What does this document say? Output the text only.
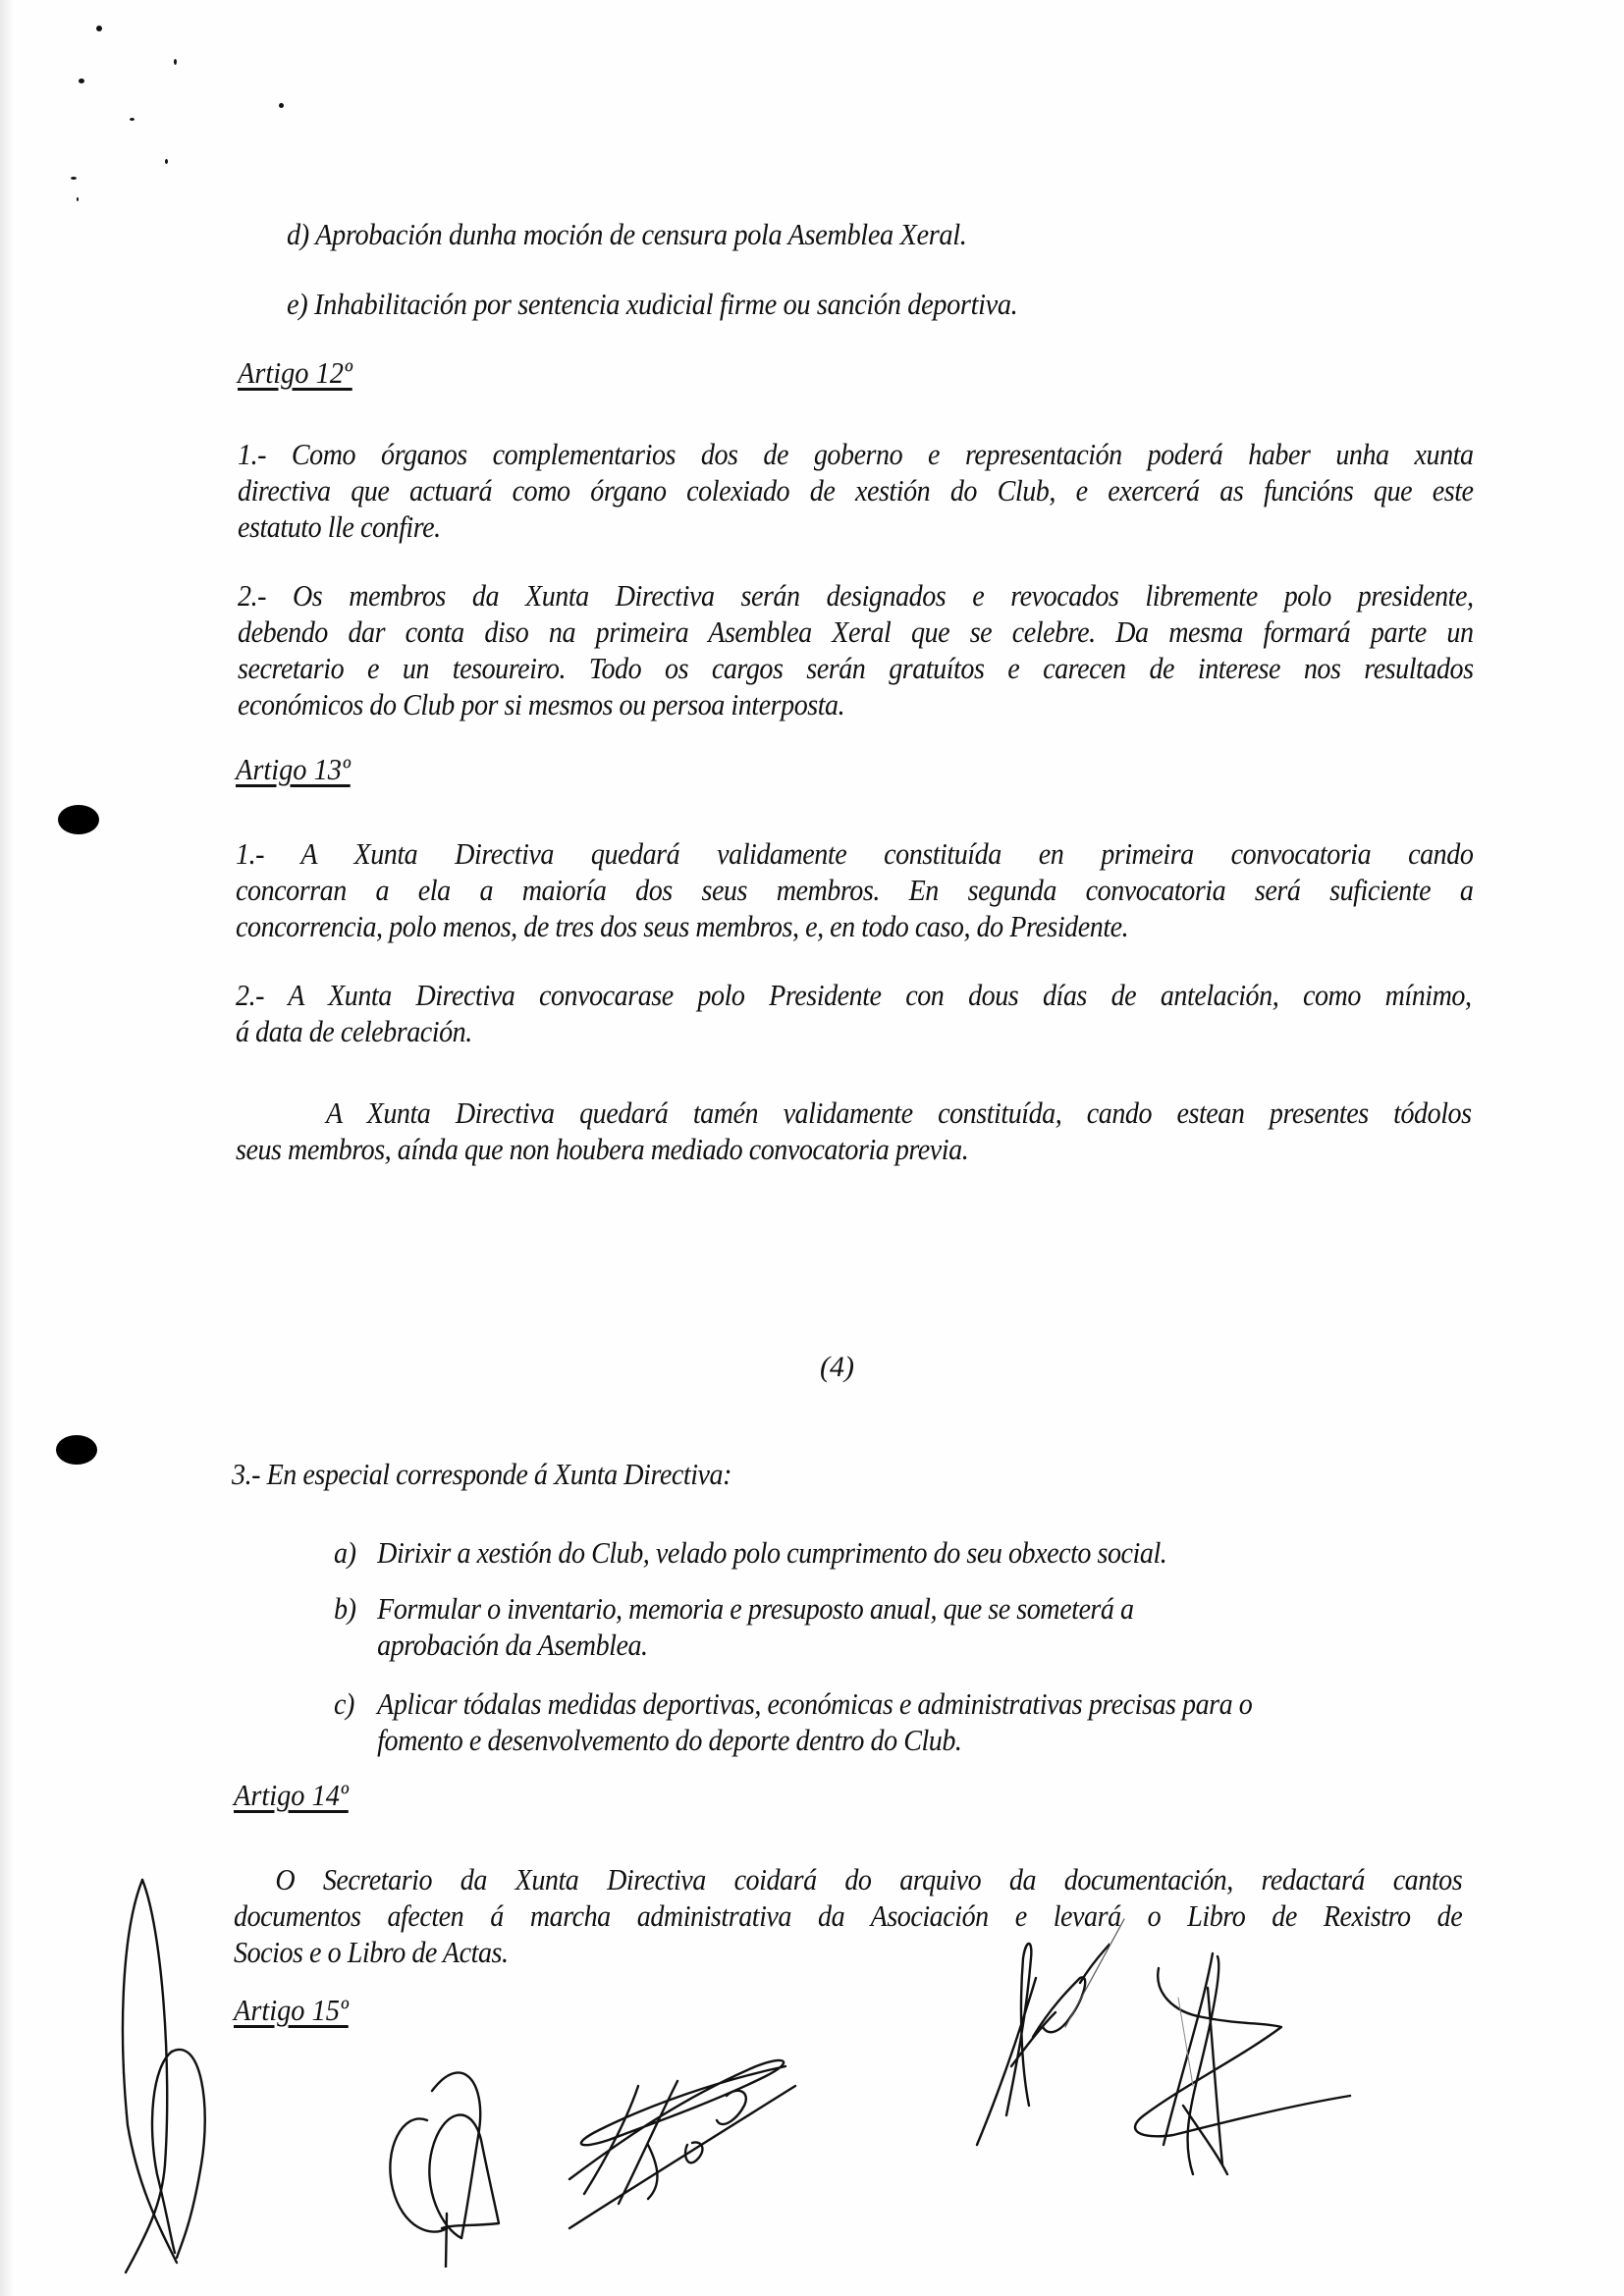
d) Aprobación dunha moción de censura pola Asemblea Xeral.
e) Inhabilitación por sentencia xudicial firme ou sanción deportiva.
Artigo 12º
1.- Como órganos complementarios dos de goberno e representación poderá haber unha xunta
directiva que actuará como órgano colexiado de xestión do Club, e exercerá as funcións que este
estatuto lle confire.
2.- Os membros da Xunta Directiva serán designados e revocados libremente polo presidente,
debendo dar conta diso na primeira Asemblea Xeral que se celebre. Da mesma formará parte un
secretario e un tesoureiro. Todo os cargos serán gratuítos e carecen de interese nos resultados
económicos do Club por si mesmos ou persoa interposta.
Artigo 13º
1.- A Xunta Directiva quedará validamente constituída en primeira convocatoria cando
concorran a ela a maioría dos seus membros. En segunda convocatoria será suficiente a
concorrencia, polo menos, de tres dos seus membros, e, en todo caso, do Presidente.
2.- A Xunta Directiva convocarase polo Presidente con dous días de antelación, como mínimo,
á data de celebración.
A Xunta Directiva quedará tamén validamente constituída, cando estean presentes tódolos
seus membros, aínda que non houbera mediado convocatoria previa.
(4)
3.- En especial corresponde á Xunta Directiva:
a) Dirixir a xestión do Club, velado polo cumprimento do seu obxecto social.
b) Formular o inventario, memoria e presuposto anual, que se someterá a
aprobación da Asemblea.
c) Aplicar tódalas medidas deportivas, económicas e administrativas precisas para o
fomento e desenvolvemento do deporte dentro do Club.
Artigo 14º
O Secretario da Xunta Directiva coidará do arquivo da documentación, redactará cantos
documentos afecten á marcha administrativa da Asociación e levará o Libro de Rexistro de
Socios e o Libro de Actas.
Artigo 15º
